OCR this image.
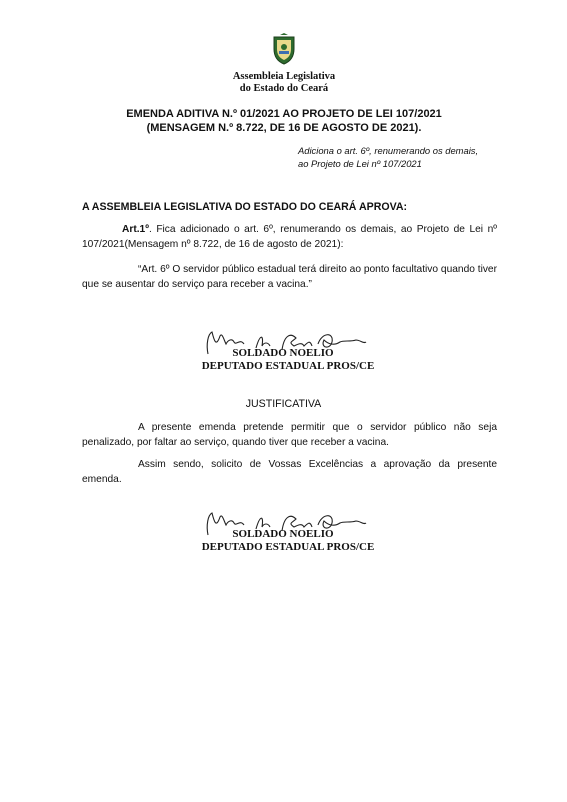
Assembleia Legislativa
do Estado do Ceará
EMENDA ADITIVA N.º 01/2021 AO PROJETO DE LEI 107/2021
(MENSAGEM N.º 8.722, DE 16 DE AGOSTO DE 2021).
Adiciona o art. 6º, renumerando os demais,
ao Projeto de Lei nº 107/2021
A ASSEMBLEIA LEGISLATIVA DO ESTADO DO CEARÁ APROVA:
Art.1º. Fica adicionado o art. 6º, renumerando os demais, ao Projeto de Lei nº 107/2021(Mensagem nº 8.722, de 16 de agosto de 2021):
“Art. 6º O servidor público estadual terá direito ao ponto facultativo quando tiver que se ausentar do serviço para receber a vacina.”
SOLDADO NOELIO
DEPUTADO ESTADUAL PROS/CE
JUSTIFICATIVA
A presente emenda pretende permitir que o servidor público não seja penalizado, por faltar ao serviço, quando tiver que receber a vacina.
Assim sendo, solicito de Vossas Excelências a aprovação da presente emenda.
SOLDADO NOELIO
DEPUTADO ESTADUAL PROS/CE
